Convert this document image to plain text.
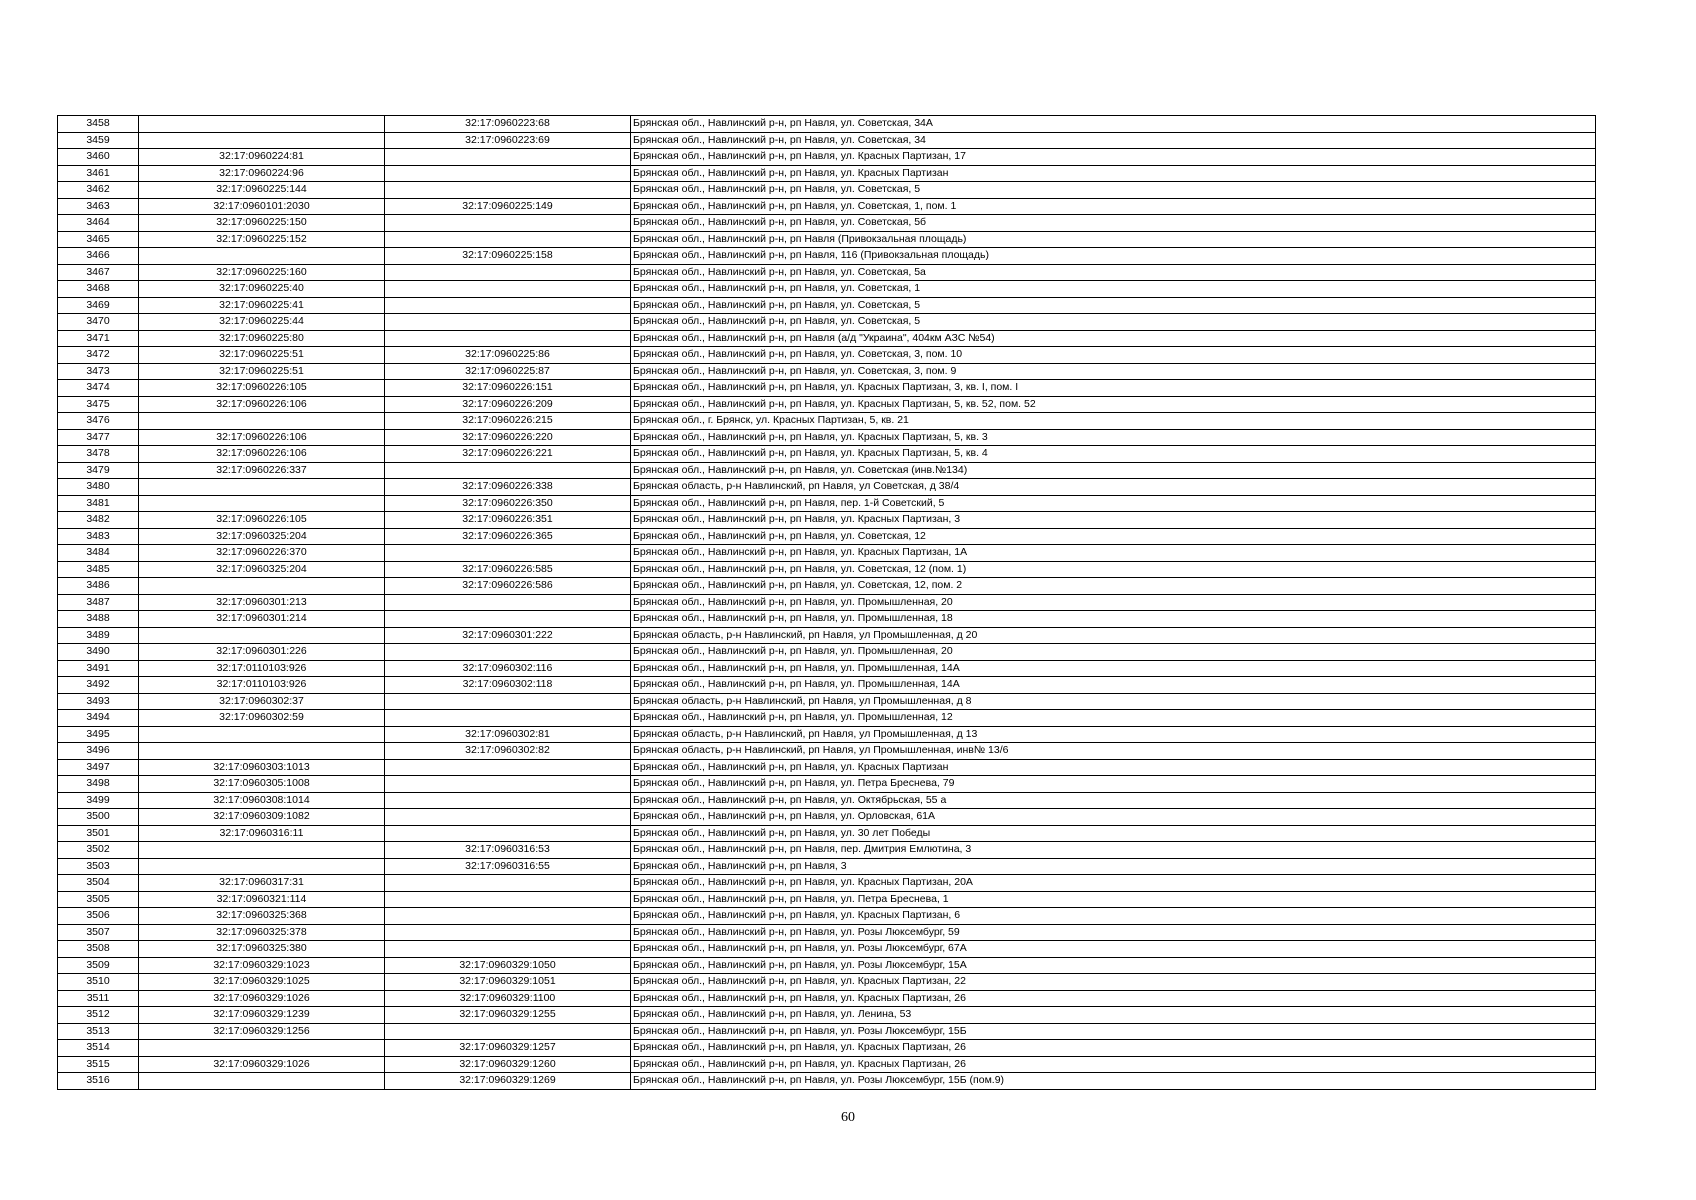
3458		32:17:0960223:68	Брянская обл., Навлинский р-н, рп Навля, ул. Советская, 34А
3459		32:17:0960223:69	Брянская обл., Навлинский р-н, рп Навля, ул. Советская, 34
3460	32:17:0960224:81		Брянская обл., Навлинский р-н, рп Навля, ул. Красных Партизан, 17
3461	32:17:0960224:96		Брянская обл., Навлинский р-н, рп Навля, ул. Красных Партизан
3462	32:17:0960225:144		Брянская обл., Навлинский р-н, рп Навля, ул. Советская, 5
3463	32:17:0960101:2030	32:17:0960225:149	Брянская обл., Навлинский р-н, рп Навля, ул. Советская, 1, пом. 1
3464	32:17:0960225:150		Брянская обл., Навлинский р-н, рп Навля, ул. Советская, 5б
3465	32:17:0960225:152		Брянская обл., Навлинский р-н, рп Навля (Привокзальная площадь)
3466		32:17:0960225:158	Брянская обл., Навлинский р-н, рп Навля, 116 (Привокзальная площадь)
3467	32:17:0960225:160		Брянская обл., Навлинский р-н, рп Навля, ул. Советская, 5а
3468	32:17:0960225:40		Брянская обл., Навлинский р-н, рп Навля, ул. Советская, 1
3469	32:17:0960225:41		Брянская обл., Навлинский р-н, рп Навля, ул. Советская, 5
3470	32:17:0960225:44		Брянская обл., Навлинский р-н, рп Навля, ул. Советская, 5
3471	32:17:0960225:80		Брянская обл., Навлинский р-н, рп Навля (а/д "Украина", 404км АЗС №54)
3472	32:17:0960225:51	32:17:0960225:86	Брянская обл., Навлинский р-н, рп Навля, ул. Советская, 3, пом. 10
3473	32:17:0960225:51	32:17:0960225:87	Брянская обл., Навлинский р-н, рп Навля, ул. Советская, 3, пом. 9
3474	32:17:0960226:105	32:17:0960226:151	Брянская обл., Навлинский р-н, рп Навля, ул. Красных Партизан, 3, кв. I, пом. I
3475	32:17:0960226:106	32:17:0960226:209	Брянская обл., Навлинский р-н, рп Навля, ул. Красных Партизан, 5, кв. 52, пом. 52
3476		32:17:0960226:215	Брянская обл., г. Брянск, ул. Красных Партизан, 5, кв. 21
3477	32:17:0960226:106	32:17:0960226:220	Брянская обл., Навлинский р-н, рп Навля, ул. Красных Партизан, 5, кв. 3
3478	32:17:0960226:106	32:17:0960226:221	Брянская обл., Навлинский р-н, рп Навля, ул. Красных Партизан, 5, кв. 4
3479	32:17:0960226:337		Брянская обл., Навлинский р-н, рп Навля, ул. Советская (инв.№134)
3480		32:17:0960226:338	Брянская область, р-н Навлинский, рп Навля, ул Советская, д 38/4
3481		32:17:0960226:350	Брянская обл., Навлинский р-н, рп Навля, пер. 1-й Советский, 5
3482	32:17:0960226:105	32:17:0960226:351	Брянская обл., Навлинский р-н, рп Навля, ул. Красных Партизан, 3
3483	32:17:0960325:204	32:17:0960226:365	Брянская обл., Навлинский р-н, рп Навля, ул. Советская, 12
3484	32:17:0960226:370		Брянская обл., Навлинский р-н, рп Навля, ул. Красных Партизан, 1А
3485	32:17:0960325:204	32:17:0960226:585	Брянская обл., Навлинский р-н, рп Навля, ул. Советская, 12 (пом. 1)
3486		32:17:0960226:586	Брянская обл., Навлинский р-н, рп Навля, ул. Советская, 12, пом. 2
3487	32:17:0960301:213		Брянская обл., Навлинский р-н, рп Навля, ул. Промышленная, 20
3488	32:17:0960301:214		Брянская обл., Навлинский р-н, рп Навля, ул. Промышленная, 18
3489		32:17:0960301:222	Брянская область, р-н Навлинский, рп Навля, ул Промышленная, д 20
3490	32:17:0960301:226		Брянская обл., Навлинский р-н, рп Навля, ул. Промышленная, 20
3491	32:17:0110103:926	32:17:0960302:116	Брянская обл., Навлинский р-н, рп Навля, ул. Промышленная, 14А
3492	32:17:0110103:926	32:17:0960302:118	Брянская обл., Навлинский р-н, рп Навля, ул. Промышленная, 14А
3493	32:17:0960302:37		Брянская область, р-н Навлинский, рп Навля, ул Промышленная, д 8
3494	32:17:0960302:59		Брянская обл., Навлинский р-н, рп Навля, ул. Промышленная, 12
3495		32:17:0960302:81	Брянская область, р-н Навлинский, рп Навля, ул Промышленная, д 13
3496		32:17:0960302:82	Брянская область, р-н Навлинский, рп Навля, ул Промышленная, инв№ 13/6
3497	32:17:0960303:1013		Брянская обл., Навлинский р-н, рп Навля, ул. Красных Партизан
3498	32:17:0960305:1008		Брянская обл., Навлинский р-н, рп Навля, ул. Петра Бреснева, 79
3499	32:17:0960308:1014		Брянская обл., Навлинский р-н, рп Навля, ул. Октябрьская, 55 а
3500	32:17:0960309:1082		Брянская обл., Навлинский р-н, рп Навля, ул. Орловская, 61А
3501	32:17:0960316:11		Брянская обл., Навлинский р-н, рп Навля, ул. 30 лет Победы
3502		32:17:0960316:53	Брянская обл., Навлинский р-н, рп Навля, пер. Дмитрия Емлютина, 3
3503		32:17:0960316:55	Брянская обл., Навлинский р-н, рп Навля, 3
3504	32:17:0960317:31		Брянская обл., Навлинский р-н, рп Навля, ул. Красных Партизан, 20А
3505	32:17:0960321:114		Брянская обл., Навлинский р-н, рп Навля, ул. Петра Бреснева, 1
3506	32:17:0960325:368		Брянская обл., Навлинский р-н, рп Навля, ул. Красных Партизан, 6
3507	32:17:0960325:378		Брянская обл., Навлинский р-н, рп Навля, ул. Розы Люксембург, 59
3508	32:17:0960325:380		Брянская обл., Навлинский р-н, рп Навля, ул. Розы Люксембург, 67А
3509	32:17:0960329:1023	32:17:0960329:1050	Брянская обл., Навлинский р-н, рп Навля, ул. Розы Люксембург, 15А
3510	32:17:0960329:1025	32:17:0960329:1051	Брянская обл., Навлинский р-н, рп Навля, ул. Красных Партизан, 22
3511	32:17:0960329:1026	32:17:0960329:1100	Брянская обл., Навлинский р-н, рп Навля, ул. Красных Партизан, 26
3512	32:17:0960329:1239	32:17:0960329:1255	Брянская обл., Навлинский р-н, рп Навля, ул. Ленина, 53
3513	32:17:0960329:1256		Брянская обл., Навлинский р-н, рп Навля, ул. Розы Люксембург, 15Б
3514		32:17:0960329:1257	Брянская обл., Навлинский р-н, рп Навля, ул. Красных Партизан, 26
3515	32:17:0960329:1026	32:17:0960329:1260	Брянская обл., Навлинский р-н, рп Навля, ул. Красных Партизан, 26
3516		32:17:0960329:1269	Брянская обл., Навлинский р-н, рп Навля, ул. Розы Люксембург, 15Б (пом.9)
60
